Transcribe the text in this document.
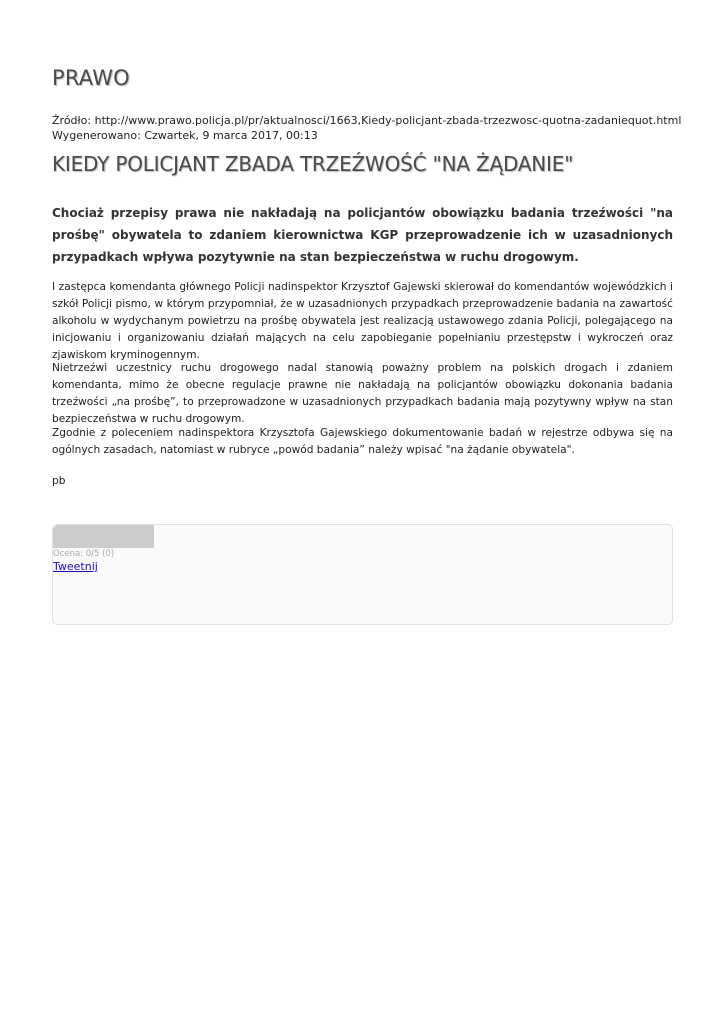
PRAWO
Źródło: http://www.prawo.policja.pl/pr/aktualnosci/1663,Kiedy-policjant-zbada-trzezwosc-quotna-zadaniequot.html
Wygenerowano: Czwartek, 9 marca 2017, 00:13
KIEDY POLICJANT ZBADA TRZEŹWOŚĆ "NA ŻĄDANIE"

Chociaż przepisy prawa nie nakładają na policjantów obowiązku badania trzeźwości "na prośbę" obywatela to zdaniem kierownictwa KGP przeprowadzenie ich w uzasadnionych przypadkach wpływa pozytywnie na stan bezpieczeństwa w ruchu drogowym.

I zastępca komendanta głównego Policji nadinspektor Krzysztof Gajewski skierował do komendantów wojewódzkich i szkół Policji pismo, w którym przypomniał, że w uzasadnionych przypadkach przeprowadzenie badania na zawartość alkoholu w wydychanym powietrzu na prośbę obywatela jest realizacją ustawowego zdania Policji, polegającego na inicjowaniu i organizowaniu działań mających na celu zapobieganie popełnianiu przestępstw i wykroczeń oraz zjawiskom kryminogennym.

Nietrzeźwi uczestnicy ruchu drogowego nadal stanowią poważny problem na polskich drogach i zdaniem komendanta, mimo że obecne regulacje prawne nie nakładają na policjantów obowiązku dokonania badania trzeźwości „na prośbę”, to przeprowadzone w uzasadnionych przypadkach badania mają pozytywny wpływ na stan bezpieczeństwa w ruchu drogowym.

Zgodnie z poleceniem nadinspektora Krzysztofa Gajewskiego dokumentowanie badań w rejestrze odbywa się na ogólnych zasadach, natomiast w rubryce „powód badania” należy wpisać "na żądanie obywatela".

pb

Ocena: 0/5 (0)
Tweetnij
